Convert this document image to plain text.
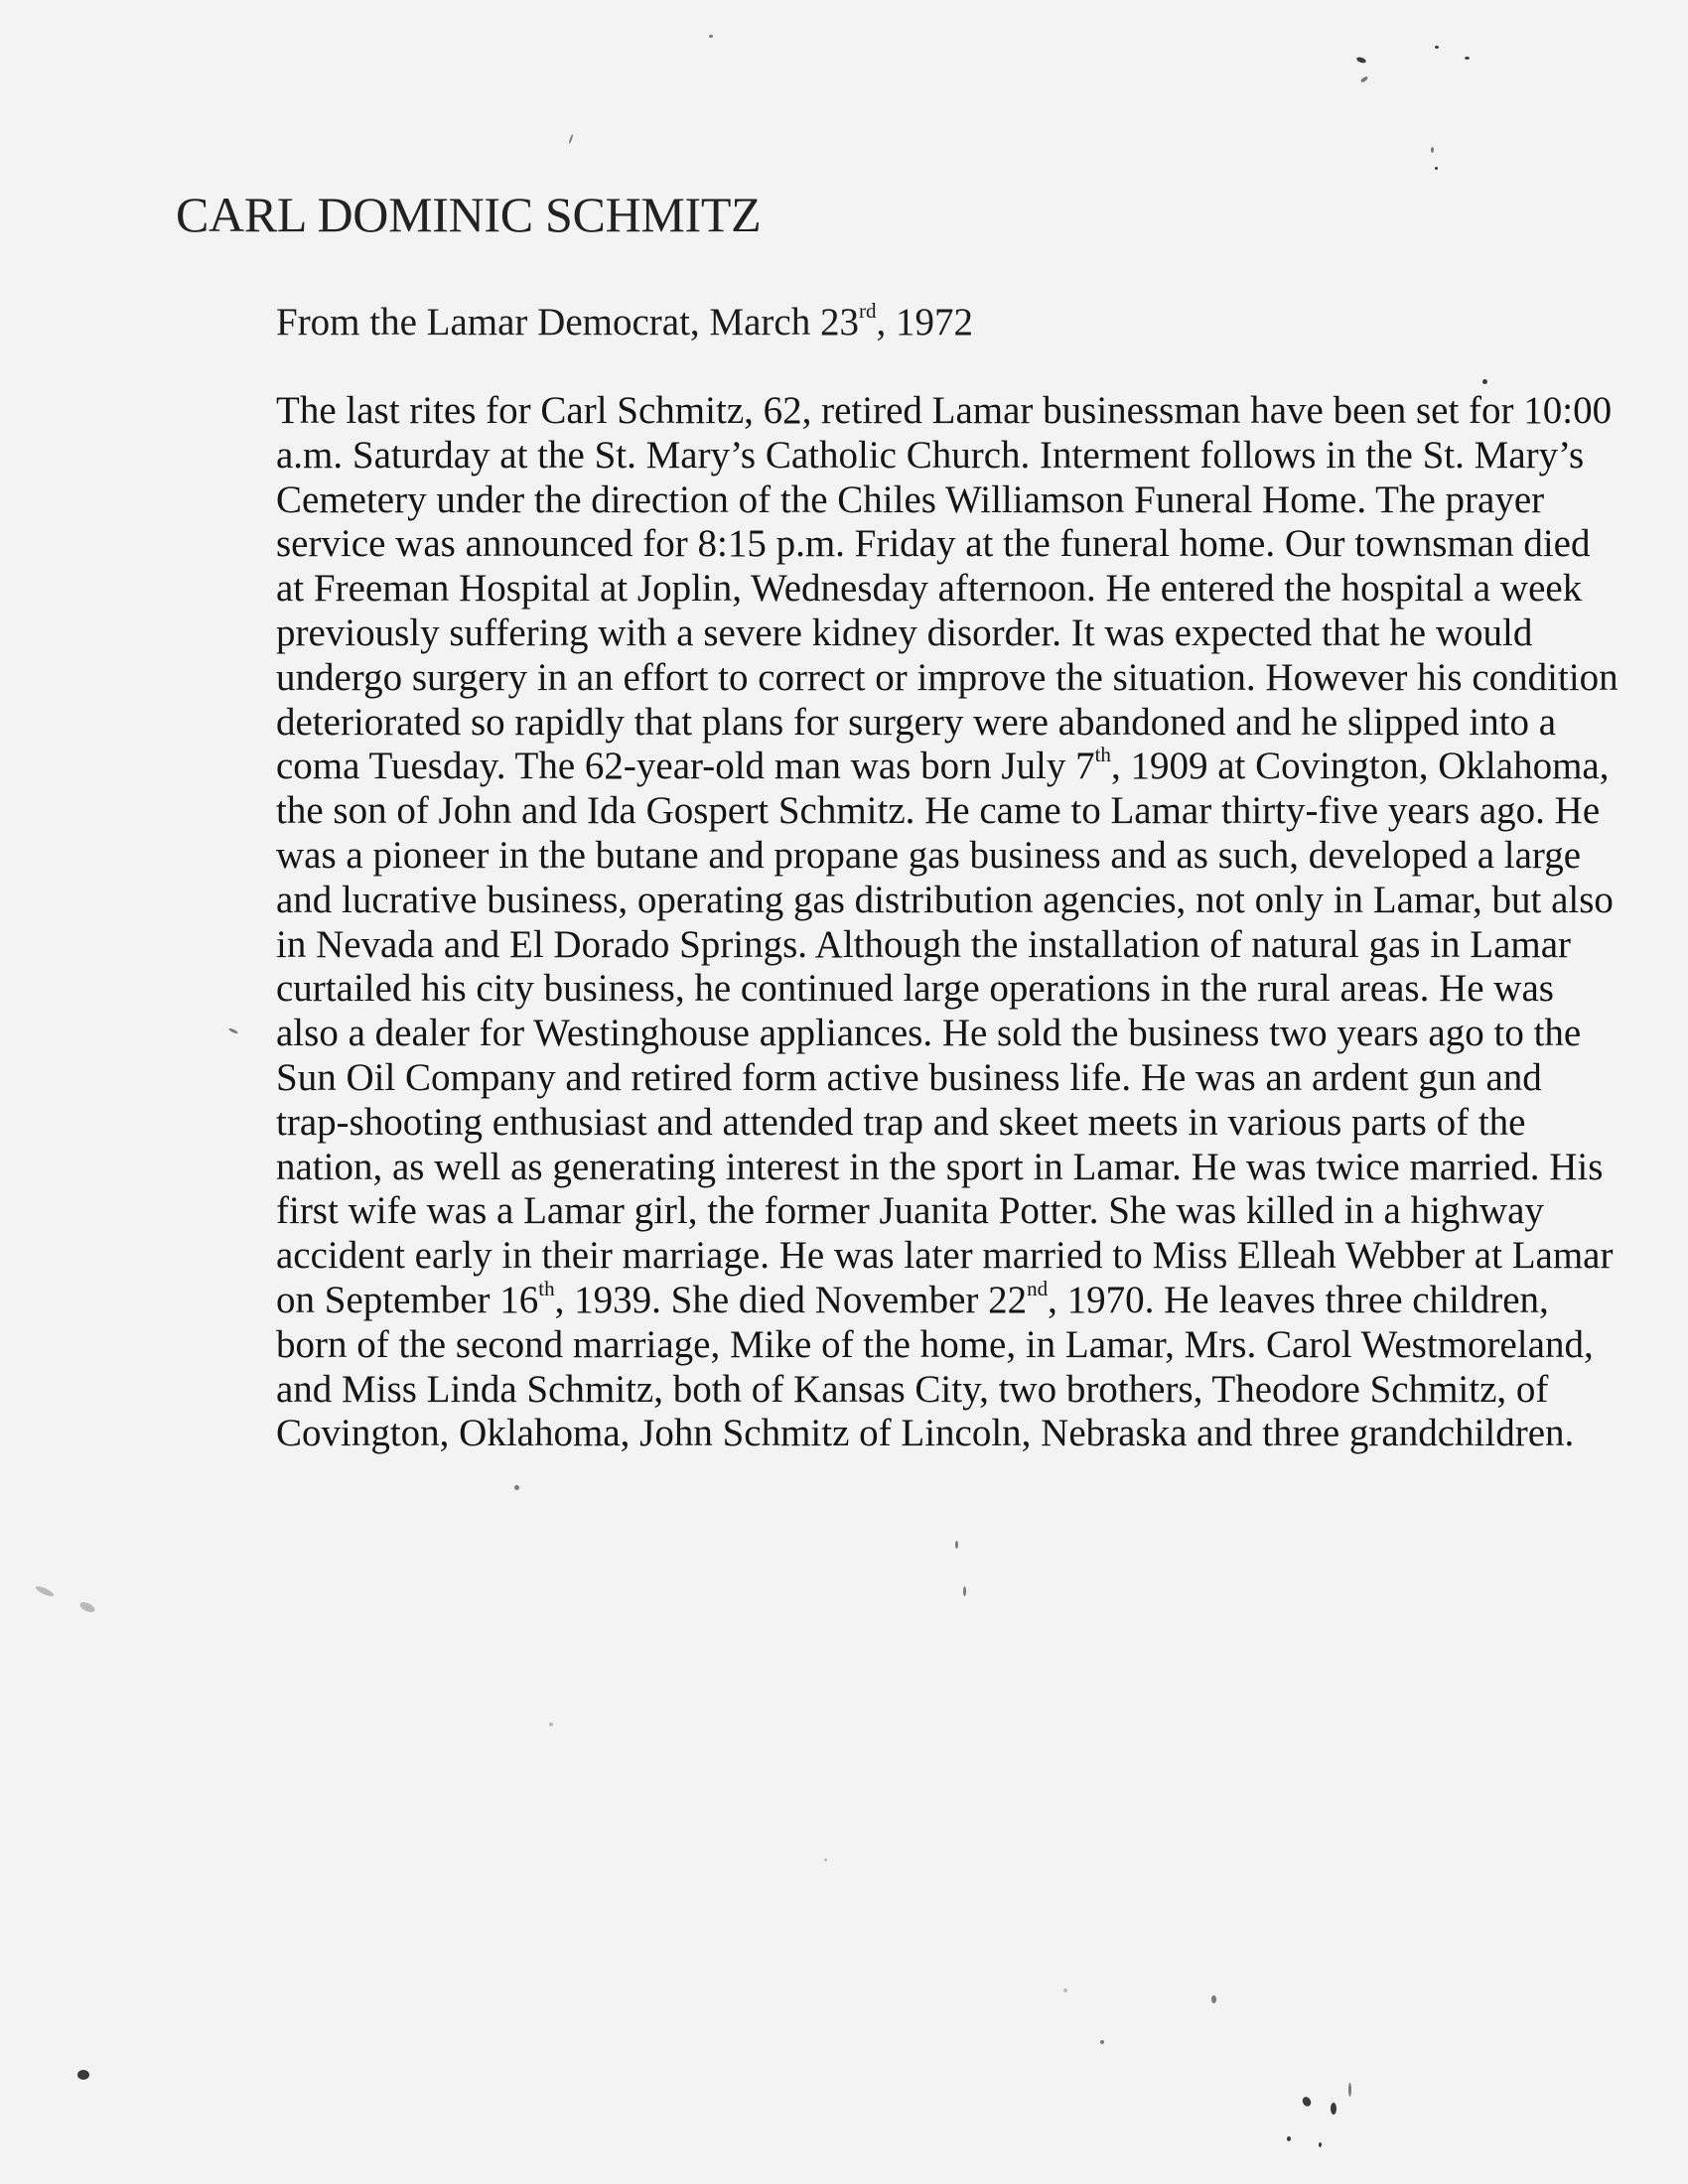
CARL DOMINIC SCHMITZ
From the Lamar Democrat, March 23rd, 1972
The last rites for Carl Schmitz, 62, retired Lamar businessman have been set for 10:00
a.m. Saturday at the St. Mary’s Catholic Church. Interment follows in the St. Mary’s
Cemetery under the direction of the Chiles Williamson Funeral Home. The prayer
service was announced for 8:15 p.m. Friday at the funeral home. Our townsman died
at Freeman Hospital at Joplin, Wednesday afternoon. He entered the hospital a week
previously suffering with a severe kidney disorder. It was expected that he would
undergo surgery in an effort to correct or improve the situation. However his condition
deteriorated so rapidly that plans for surgery were abandoned and he slipped into a
coma Tuesday. The 62-year-old man was born July 7th, 1909 at Covington, Oklahoma,
the son of John and Ida Gospert Schmitz. He came to Lamar thirty-five years ago. He
was a pioneer in the butane and propane gas business and as such, developed a large
and lucrative business, operating gas distribution agencies, not only in Lamar, but also
in Nevada and El Dorado Springs. Although the installation of natural gas in Lamar
curtailed his city business, he continued large operations in the rural areas. He was
also a dealer for Westinghouse appliances. He sold the business two years ago to the
Sun Oil Company and retired form active business life. He was an ardent gun and
trap-shooting enthusiast and attended trap and skeet meets in various parts of the
nation, as well as generating interest in the sport in Lamar. He was twice married. His
first wife was a Lamar girl, the former Juanita Potter. She was killed in a highway
accident early in their marriage. He was later married to Miss Elleah Webber at Lamar
on September 16th, 1939. She died November 22nd, 1970. He leaves three children,
born of the second marriage, Mike of the home, in Lamar, Mrs. Carol Westmoreland,
and Miss Linda Schmitz, both of Kansas City, two brothers, Theodore Schmitz, of
Covington, Oklahoma, John Schmitz of Lincoln, Nebraska and three grandchildren.
